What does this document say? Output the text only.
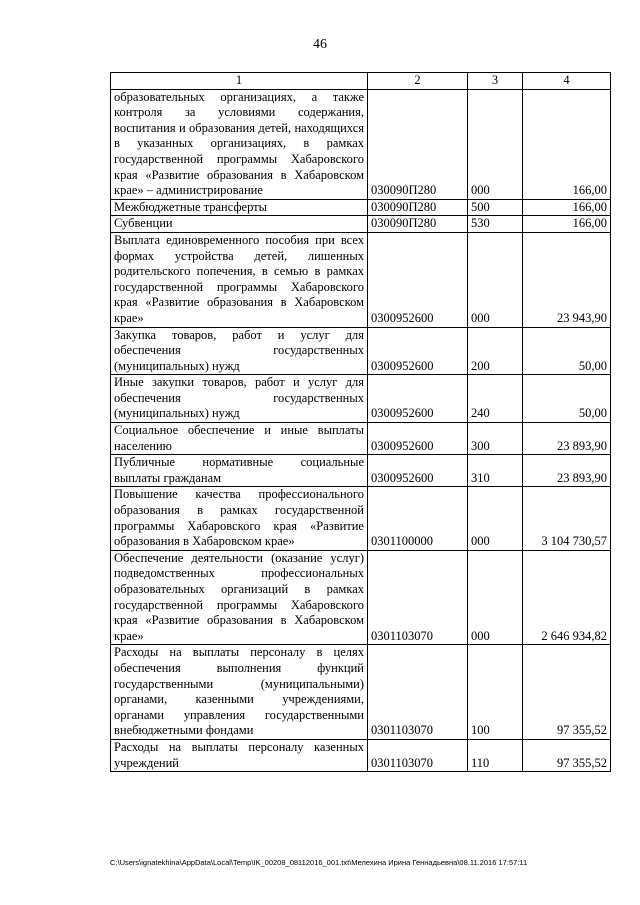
46
1	2	3	4
образовательных организациях, а также контроля за условиями содержания, воспитания и образования детей, находящихся в указанных организациях, в рамках государственной программы Хабаровского края «Развитие образования в Хабаровском крае» – администрирование	030090П280	000	166,00
Межбюджетные трансферты	030090П280	500	166,00
Субвенции	030090П280	530	166,00
Выплата единовременного пособия при всех формах устройства детей, лишенных родительского попечения, в семью в рамках государственной программы Хабаровского края «Развитие образования в Хабаровском крае»	0300952600	000	23 943,90
Закупка товаров, работ и услуг для обеспечения государственных (муниципальных) нужд	0300952600	200	50,00
Иные закупки товаров, работ и услуг для обеспечения государственных (муниципальных) нужд	0300952600	240	50,00
Социальное обеспечение и иные выплаты населению	0300952600	300	23 893,90
Публичные нормативные социальные выплаты гражданам	0300952600	310	23 893,90
Повышение качества профессионального образования в рамках государственной программы Хабаровского края «Развитие образования в Хабаровском крае»	0301100000	000	3 104 730,57
Обеспечение деятельности (оказание услуг) подведомственных профессиональных образовательных организаций в рамках государственной программы Хабаровского края «Развитие образования в Хабаровском крае»	0301103070	000	2 646 934,82
Расходы на выплаты персоналу в целях обеспечения выполнения функций государственными (муниципальными) органами, казенными учреждениями, органами управления государственными внебюджетными фондами	0301103070	100	97 355,52
Расходы на выплаты персоналу казенных учреждений	0301103070	110	97 355,52
C:\Users\ignatekhina\AppData\Local\Temp\IK_00208_08112016_001.txt\Мелехина Ирина Геннадьевна\08.11.2016 17:57:11
